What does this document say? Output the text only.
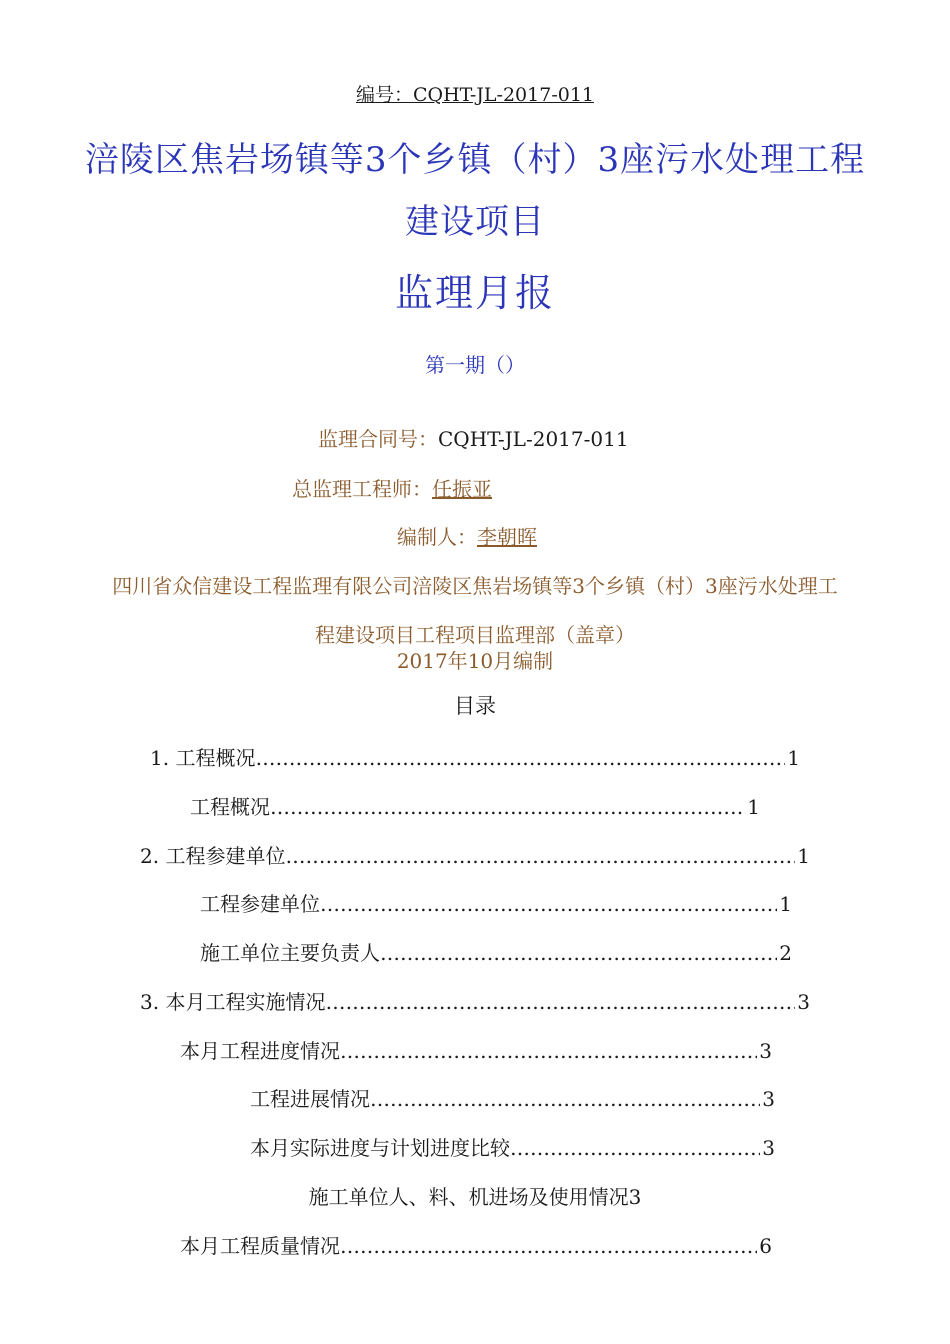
编号：CQHT-JL-2017-011
涪陵区焦岩场镇等3个乡镇（村）3座污水处理工程
建设项目
监理月报
第一期（）
监理合同号：CQHT-JL-2017-011
总监理工程师：任振亚
编制人：李朝晖
四川省众信建设工程监理有限公司涪陵区焦岩场镇等3个乡镇（村）3座污水处理工
程建设项目工程项目监理部（盖章）
2017年10月编制
目录
1. 工程概况 ………………………………………………………………………………………………………………………………………………………………	1
工程概况 ………………………………………………………………………………………………………………………………………………………………	1
2. 工程参建单位 ………………………………………………………………………………………………………………………………………………………………	1
工程参建单位 ………………………………………………………………………………………………………………………………………………………………	1
施工单位主要负责人 ………………………………………………………………………………………………………………………………………………………………	2
3. 本月工程实施情况 ………………………………………………………………………………………………………………………………………………………………	3
本月工程进度情况 ………………………………………………………………………………………………………………………………………………………………	3
工程进展情况 ………………………………………………………………………………………………………………………………………………………………	3
本月实际进度与计划进度比较 ………………………………………………………………………………………………………………………………………………………………	3
施工单位人、料、机进场及使用情况3
本月工程质量情况 ………………………………………………………………………………………………………………………………………………………………	6
